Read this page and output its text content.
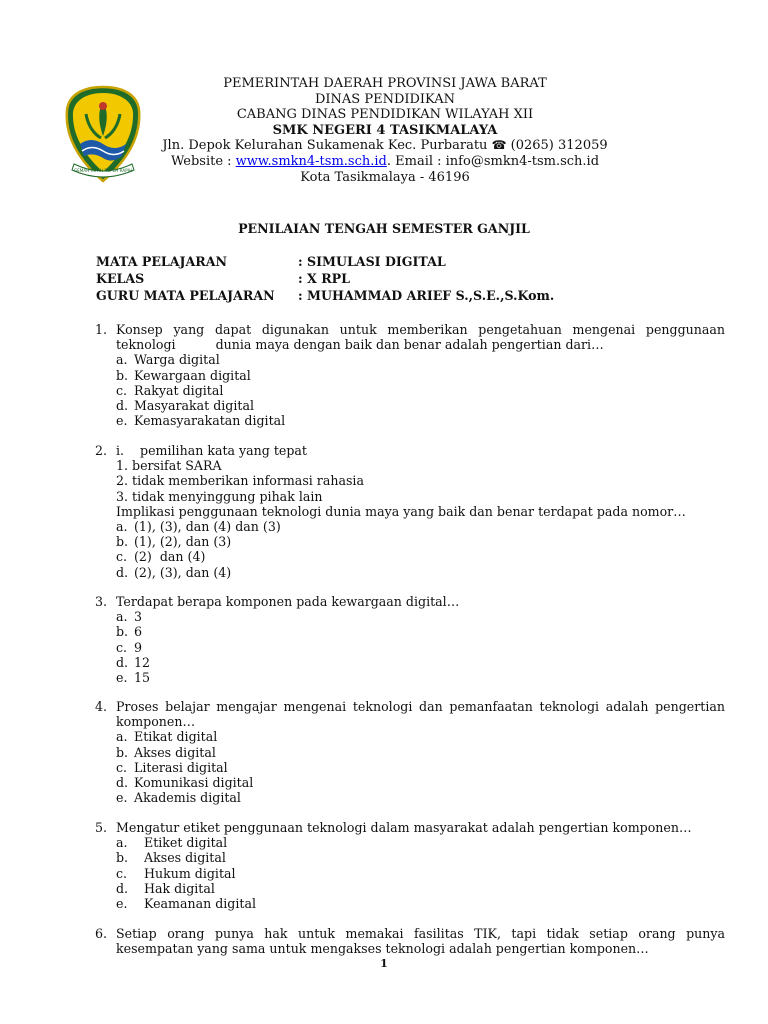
GEMAH RIPAH REPEH RAPIH
PEMERINTAH DAERAH PROVINSI JAWA BARAT
DINAS PENDIDIKAN
CABANG DINAS PENDIDIKAN WILAYAH XII
SMK NEGERI 4 TASIKMALAYA
Jln. Depok Kelurahan Sukamenak Kec. Purbaratu ☎ (0265) 312059
Website : www.smkn4-tsm.sch.id. Email : info@smkn4-tsm.sch.id
Kota Tasikmalaya - 46196
PENILAIAN TENGAH SEMESTER GANJIL
MATA PELAJARAN	: SIMULASI DIGITAL
KELAS	: X RPL
GURU MATA PELAJARAN	: MUHAMMAD ARIEF S.,S.E.,S.Kom.
1. Konsep yang dapat digunakan untuk memberikan pengetahuan mengenai penggunaan teknologi          dunia maya dengan baik dan benar adalah pengertian dari…
a. Warga digital
b. Kewargaan digital
c. Rakyat digital
d. Masyarakat digital
e. Kemasyarakatan digital
2. i.    pemilihan kata yang tepat
1. bersifat SARA
2. tidak memberikan informasi rahasia
3. tidak menyinggung pihak lain
Implikasi penggunaan teknologi dunia maya yang baik dan benar terdapat pada nomor…
a. (1), (3), dan (4) dan (3)
b. (1), (2), dan (3)
c. (2)  dan (4)
d. (2), (3), dan (4)
3. Terdapat berapa komponen pada kewargaan digital…
a. 3
b. 6
c. 9
d. 12
e. 15
4. Proses belajar mengajar mengenai teknologi dan pemanfaatan teknologi adalah pengertian komponen…
a. Etikat digital
b. Akses digital
c. Literasi digital
d. Komunikasi digital
e. Akademis digital
5. Mengatur etiket penggunaan teknologi dalam masyarakat adalah pengertian komponen…
a.	Etiket digital
b.	Akses digital
c.	Hukum digital
d.	Hak digital
e.	Keamanan digital
6. Setiap orang punya hak untuk memakai fasilitas TIK, tapi tidak setiap orang punya kesempatan yang sama untuk mengakses teknologi adalah pengertian komponen…
1
